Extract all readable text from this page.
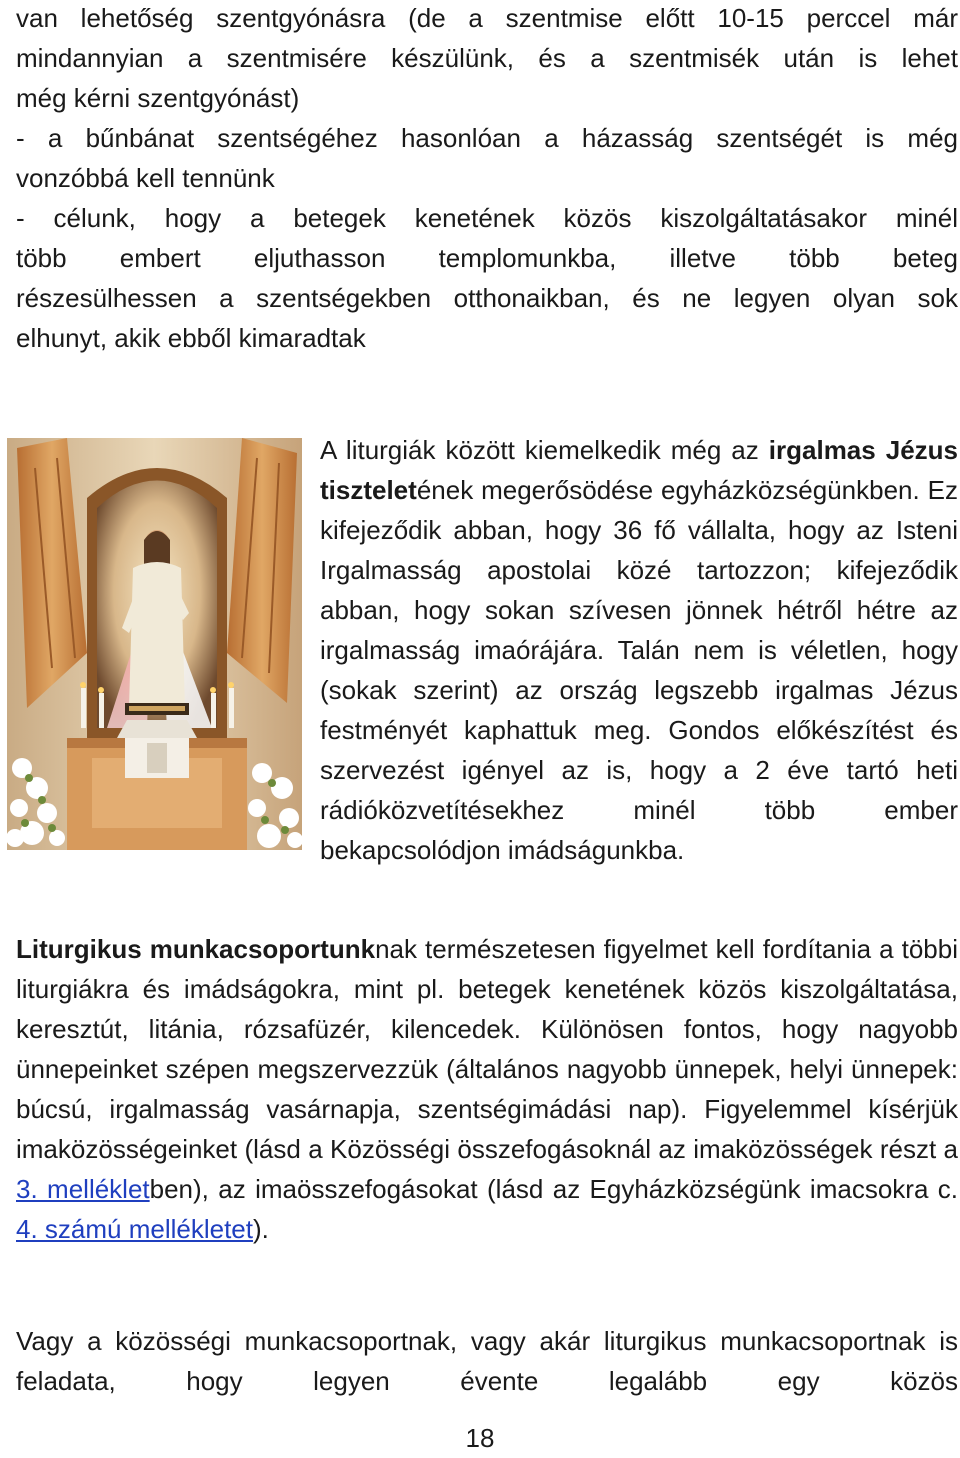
van lehetőség szentgyónásra (de a szentmise előtt 10-15 perccel már
mindannyian a szentmisére készülünk, és a szentmisék után is lehet
még kérni szentgyónást)
- a bűnbánat szentségéhez hasonlóan a házasság szentségét is még
vonzóbbá kell tennünk
- célunk, hogy a betegek kenetének közös kiszolgáltatásakor minél
több embert eljuthasson templomunkba, illetve több beteg
részesülhessen a szentségekben otthonaikban, és ne legyen olyan sok
elhunyt, akik ebből kimaradtak

A liturgiák között kiemelkedik még az irgalmas Jézus tiszteletének megerősödése egyházközségünkben. Ez kifejeződik abban, hogy 36 fő vállalta, hogy az Isteni Irgalmasság apostolai közé tartozzon; kifejeződik abban, hogy sokan szívesen jönnek hétről hétre az irgalmasság imaórájára. Talán nem is véletlen, hogy (sokak szerint) az ország legszebb irgalmas Jézus festményét kaphattuk meg. Gondos előkészítést és szervezést igényel az is, hogy a 2 éve tartó heti rádióközvetítésekhez minél több ember bekapcsolódjon imádságunkba.

Liturgikus munkacsoportunknak természetesen figyelmet kell fordítania a többi liturgiákra és imádságokra, mint pl. betegek kenetének közös kiszolgáltatása, keresztút, litánia, rózsafüzér, kilencedek. Különösen fontos, hogy nagyobb ünnepeinket szépen megszervezzük (általános nagyobb ünnepek, helyi ünnepek: búcsú, irgalmasság vasárnapja, szentségimádási nap). Figyelemmel kísérjük imaközösségeinket (lásd a Közösségi összefogásoknál az imaközösségek részt a 3. mellékletben), az imaösszefogásokat (lásd az Egyházközségünk imacsokra c. 4. számú mellékletet).

Vagy a közösségi munkacsoportnak, vagy akár liturgikus munkacsoportnak is feladata, hogy legyen évente legalább egy közös

18
